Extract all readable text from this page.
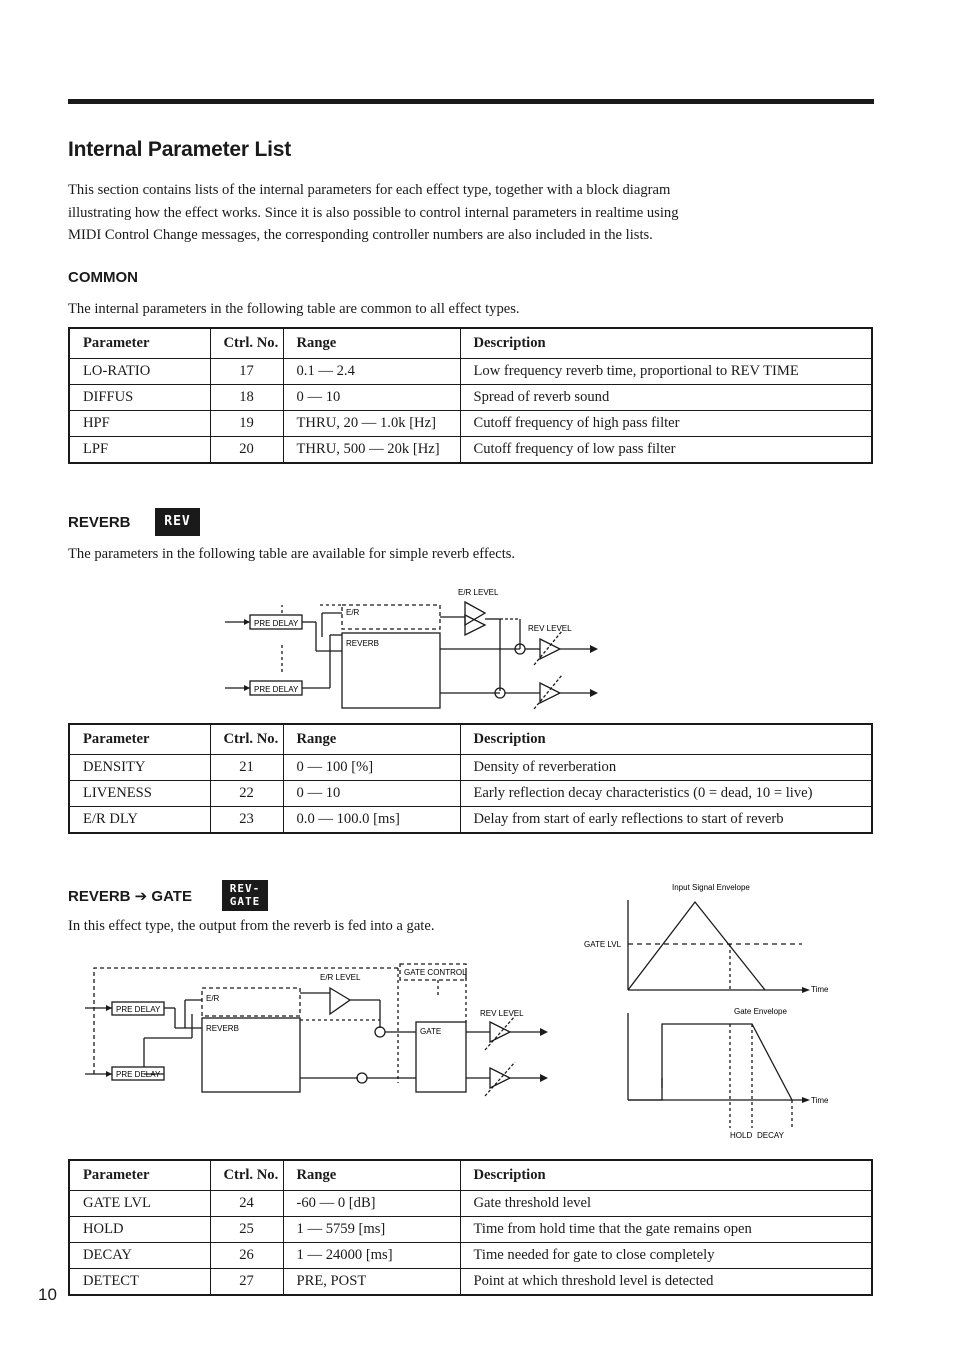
Internal Parameter List

This section contains lists of the internal parameters for each effect type, together with a block diagram
illustrating how the effect works. Since it is also possible to control internal parameters in realtime using
MIDI Control Change messages, the corresponding controller numbers are also included in the lists.

COMMON

The internal parameters in the following table are common to all effect types.

Parameter	Ctrl. No.	Range	Description
LO-RATIO	17	0.1 — 2.4	Low frequency reverb time, proportional to REV TIME
DIFFUS	18	0 — 10	Spread of reverb sound
HPF	19	THRU, 20 — 1.0k [Hz]	Cutoff frequency of high pass filter
LPF	20	THRU, 500 — 20k [Hz]	Cutoff frequency of low pass filter
REVERB	REV

The parameters in the following table are available for simple reverb effects.

PRE DELAY
PRE DELAY
E/R
REVERB
E/R LEVEL
REV LEVEL
Parameter	Ctrl. No.	Range	Description
DENSITY	21	0 — 100 [%]	Density of reverberation
LIVENESS	22	0 — 10	Early reflection decay characteristics (0 = dead, 10 = live)
E/R DLY	23	0.0 — 100.0 [ms]	Delay from start of early reflections to start of reverb
REVERB ➔ GATE	REV-
GATE

In this effect type, the output from the reverb is fed into a gate.

PRE DELAY
PRE DELAY
E/R
REVERB
E/R LEVEL
GATE
GATE CONTROL
REV LEVEL
Input Signal Envelope
GATE LVL
Time
Gate Envelope
Time
HOLD DECAY
Parameter	Ctrl. No.	Range	Description
GATE LVL	24	-60 — 0 [dB]	Gate threshold level
HOLD	25	1 — 5759 [ms]	Time from hold time that the gate remains open
DECAY	26	1 — 24000 [ms]	Time needed for gate to close completely
DETECT	27	PRE, POST	Point at which threshold level is detected
10
